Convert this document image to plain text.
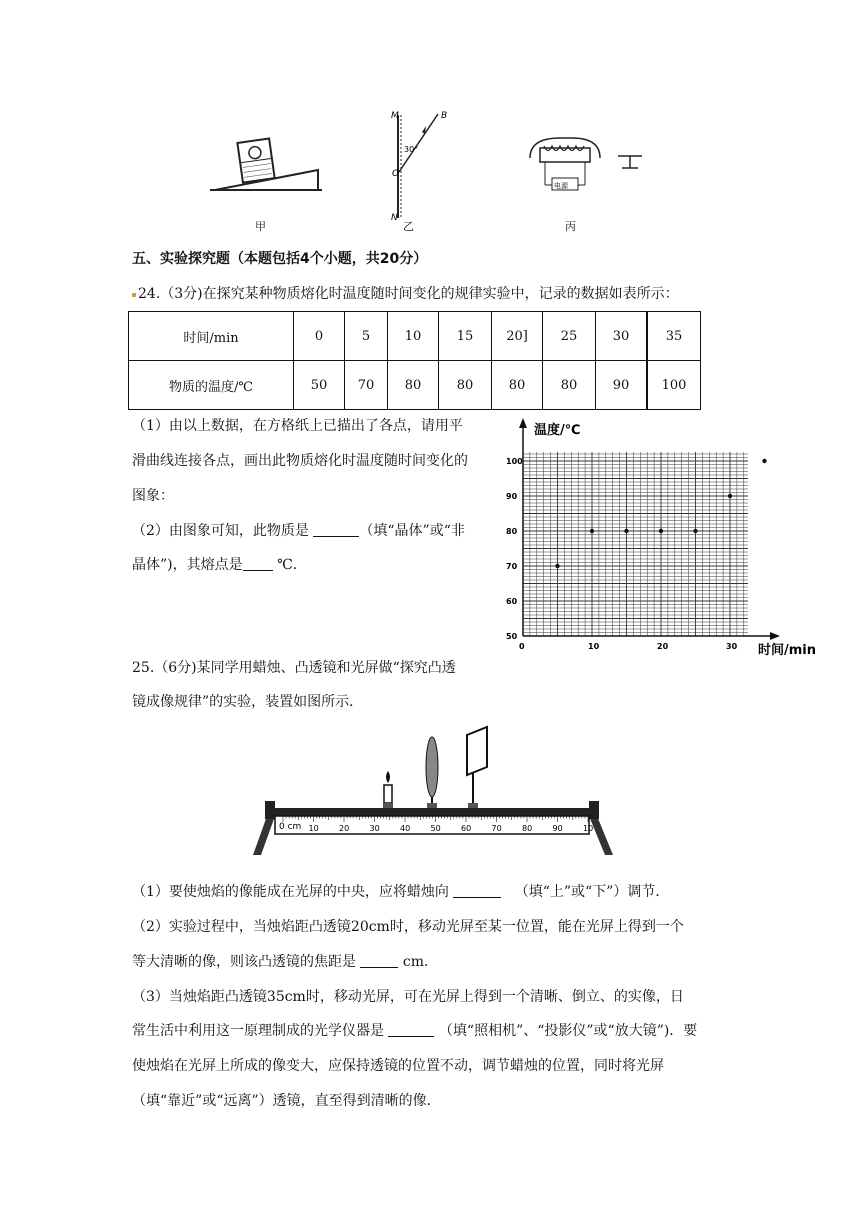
M
N
O
B
30°
电源
甲	乙	丙
五、实验探究题（本题包括4个小题，共20分）
24.（3分)在探究某种物质熔化时温度随时间变化的规律实验中，记录的数据如表所示：
时间/min	0	5	10	15	20]	25	30	35
物质的温度/℃	50	70	80	80	80	80	90	100
（1）由以上数据，在方格纸上已描出了各点，请用平
滑曲线连接各点，画出此物质熔化时温度随时间变化的
图象：
（2）由图象可知，此物质是	（填“晶体”或“非
晶体”)，其熔点是 ℃．
50
60
70
80
90
100
0	10	20	30
温度/℃
时间/min
25.（6分)某同学用蜡烛、凸透镜和光屏做“探究凸透
镜成像规律”的实验，装置如图所示．
10	20	30	40	50	60	70	80	90	10
0 cm
（1）要使烛焰的像能成在光屏的中央，应将蜡烛向	（填“上”或“下”）调节．
（2）实验过程中，当烛焰距凸透镜20cm时，移动光屏至某一位置，能在光屏上得到一个
等大清晰的像，则该凸透镜的焦距是	cm．
（3）当烛焰距凸透镜35cm时，移动光屏，可在光屏上得到一个清晰、倒立、的实像，日
常生活中利用这一原理制成的光学仪器是	（填“照相机”、“投影仪”或“放大镜”)．要
使烛焰在光屏上所成的像变大，应保持透镜的位置不动，调节蜡烛的位置，同时将光屏
（填“靠近”或“远离”）透镜，直至得到清晰的像．
